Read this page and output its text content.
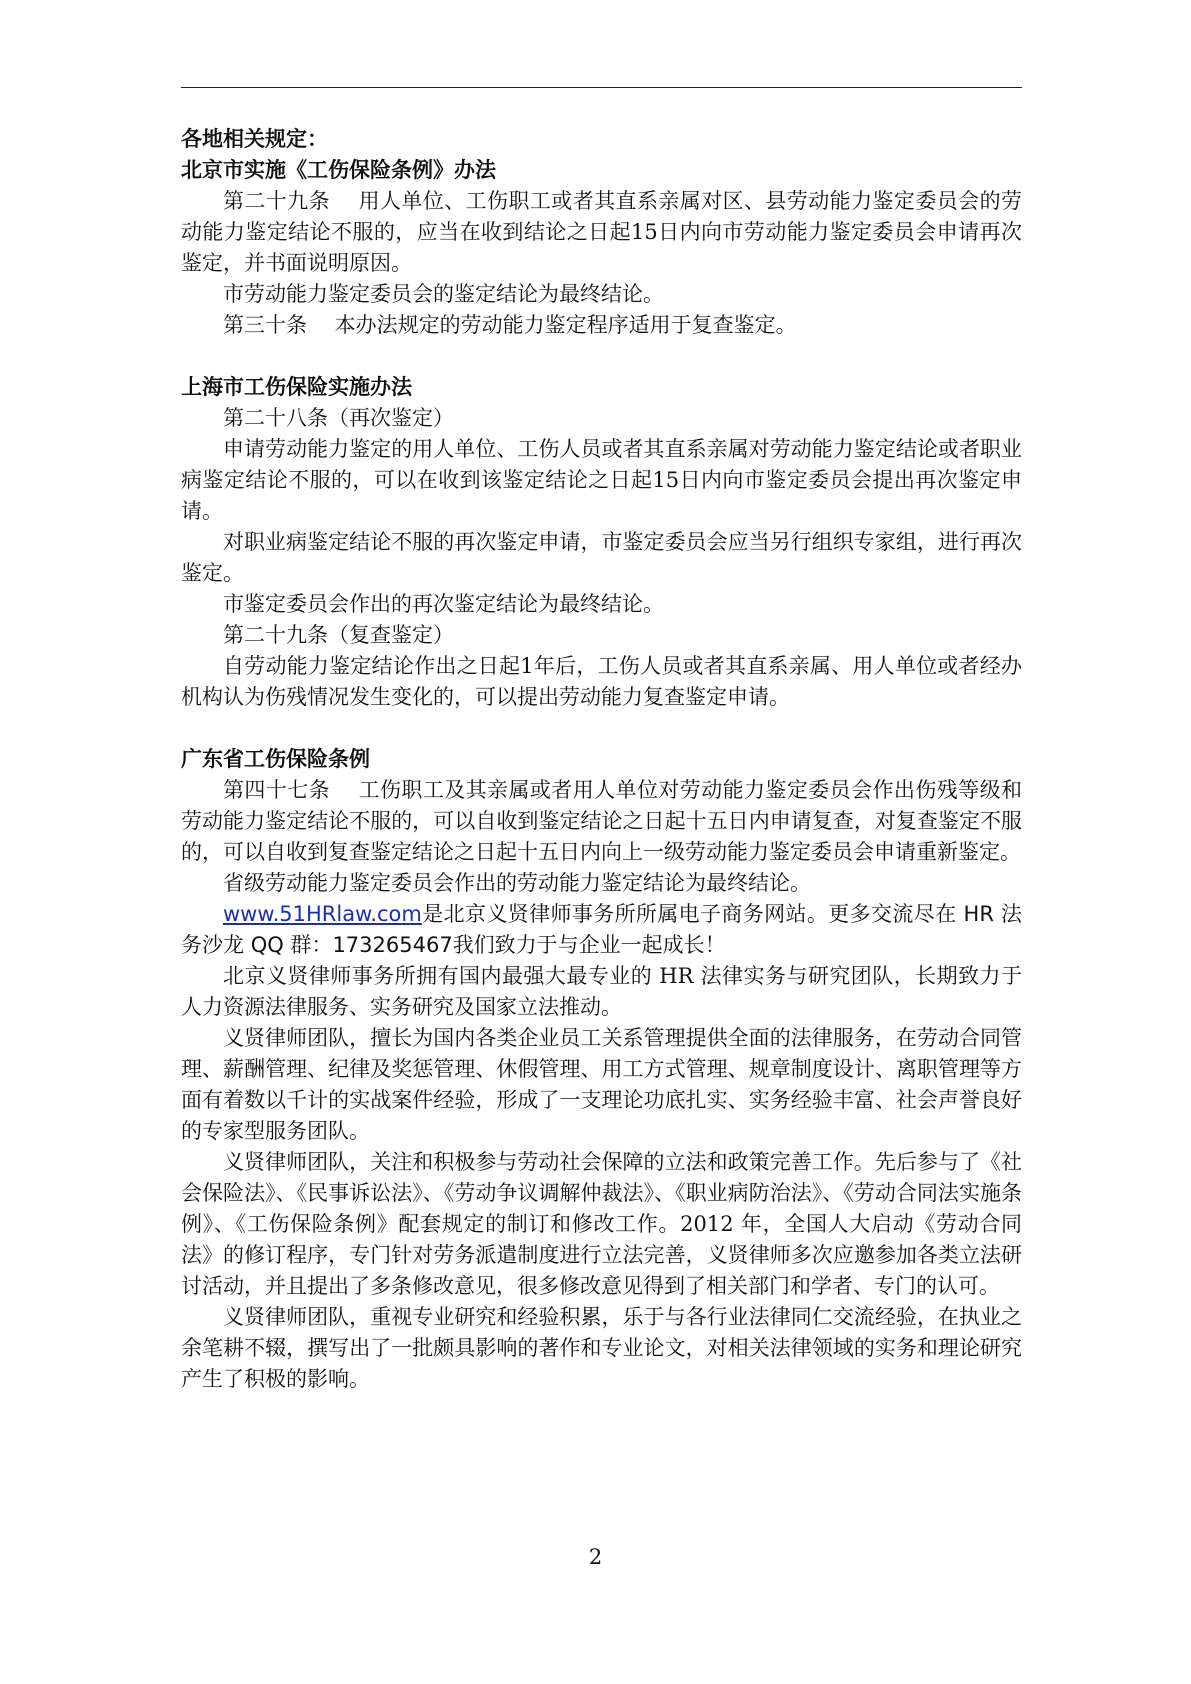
各地相关规定：

北京市实施《工伤保险条例》办法

第二十九条　 用人单位、工伤职工或者其直系亲属对区、县劳动能力鉴定委员会的劳动能力鉴定结论不服的，应当在收到结论之日起15日内向市劳动能力鉴定委员会申请再次鉴定，并书面说明原因。

市劳动能力鉴定委员会的鉴定结论为最终结论。

第三十条　 本办法规定的劳动能力鉴定程序适用于复查鉴定。

上海市工伤保险实施办法

第二十八条（再次鉴定）

申请劳动能力鉴定的用人单位、工伤人员或者其直系亲属对劳动能力鉴定结论或者职业病鉴定结论不服的，可以在收到该鉴定结论之日起15日内向市鉴定委员会提出再次鉴定申请。

对职业病鉴定结论不服的再次鉴定申请，市鉴定委员会应当另行组织专家组，进行再次鉴定。

市鉴定委员会作出的再次鉴定结论为最终结论。

第二十九条（复查鉴定）

自劳动能力鉴定结论作出之日起1年后，工伤人员或者其直系亲属、用人单位或者经办机构认为伤残情况发生变化的，可以提出劳动能力复查鉴定申请。

广东省工伤保险条例

第四十七条　 工伤职工及其亲属或者用人单位对劳动能力鉴定委员会作出伤残等级和劳动能力鉴定结论不服的，可以自收到鉴定结论之日起十五日内申请复查，对复查鉴定不服的，可以自收到复查鉴定结论之日起十五日内向上一级劳动能力鉴定委员会申请重新鉴定。

省级劳动能力鉴定委员会作出的劳动能力鉴定结论为最终结论。

www.51HRlaw.com是北京义贤律师事务所所属电子商务网站。更多交流尽在 HR 法务沙龙 QQ 群：173265467我们致力于与企业一起成长！

北京义贤律师事务所拥有国内最强大最专业的 HR 法律实务与研究团队，长期致力于人力资源法律服务、实务研究及国家立法推动。

义贤律师团队，擅长为国内各类企业员工关系管理提供全面的法律服务，在劳动合同管理、薪酬管理、纪律及奖惩管理、休假管理、用工方式管理、规章制度设计、离职管理等方面有着数以千计的实战案件经验，形成了一支理论功底扎实、实务经验丰富、社会声誉良好的专家型服务团队。

义贤律师团队，关注和积极参与劳动社会保障的立法和政策完善工作。先后参与了《社会保险法》、《民事诉讼法》、《劳动争议调解仲裁法》、《职业病防治法》、《劳动合同法实施条例》、《工伤保险条例》配套规定的制订和修改工作。2012 年，全国人大启动《劳动合同法》的修订程序，专门针对劳务派遣制度进行立法完善，义贤律师多次应邀参加各类立法研讨活动，并且提出了多条修改意见，很多修改意见得到了相关部门和学者、专门的认可。

义贤律师团队，重视专业研究和经验积累，乐于与各行业法律同仁交流经验，在执业之余笔耕不辍，撰写出了一批颇具影响的著作和专业论文，对相关法律领域的实务和理论研究产生了积极的影响。

2
